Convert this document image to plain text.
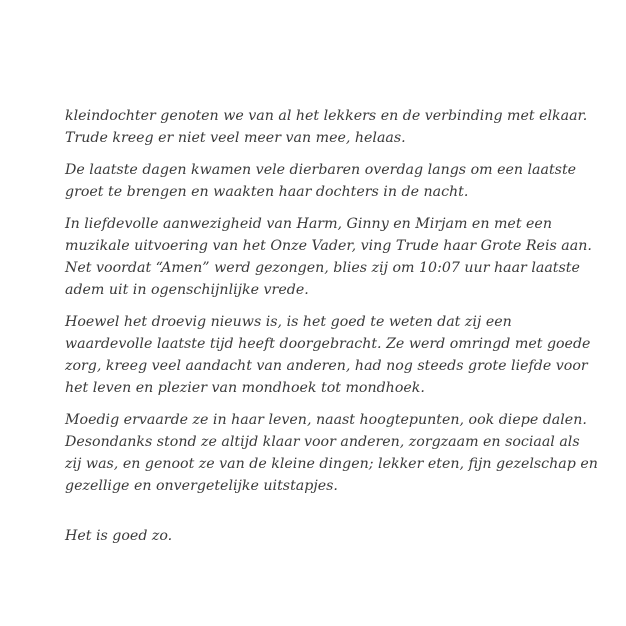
kleindochter genoten we van al het lekkers en de verbinding met elkaar.
Trude kreeg er niet veel meer van mee, helaas.

De laatste dagen kwamen vele dierbaren overdag langs om een laatste
groet te brengen en waakten haar dochters in de nacht.

In liefdevolle aanwezigheid van Harm, Ginny en Mirjam en met een
muzikale uitvoering van het Onze Vader, ving Trude haar Grote Reis aan.
Net voordat “Amen” werd gezongen, blies zij om 10:07 uur haar laatste
adem uit in ogenschijnlijke vrede.

Hoewel het droevig nieuws is, is het goed te weten dat zij een
waardevolle laatste tijd heeft doorgebracht. Ze werd omringd met goede
zorg, kreeg veel aandacht van anderen, had nog steeds grote liefde voor
het leven en plezier van mondhoek tot mondhoek.

Moedig ervaarde ze in haar leven, naast hoogtepunten, ook diepe dalen.
Desondanks stond ze altijd klaar voor anderen, zorgzaam en sociaal als
zij was, en genoot ze van de kleine dingen; lekker eten, fijn gezelschap en
gezellige en onvergetelijke uitstapjes.

Het is goed zo.
